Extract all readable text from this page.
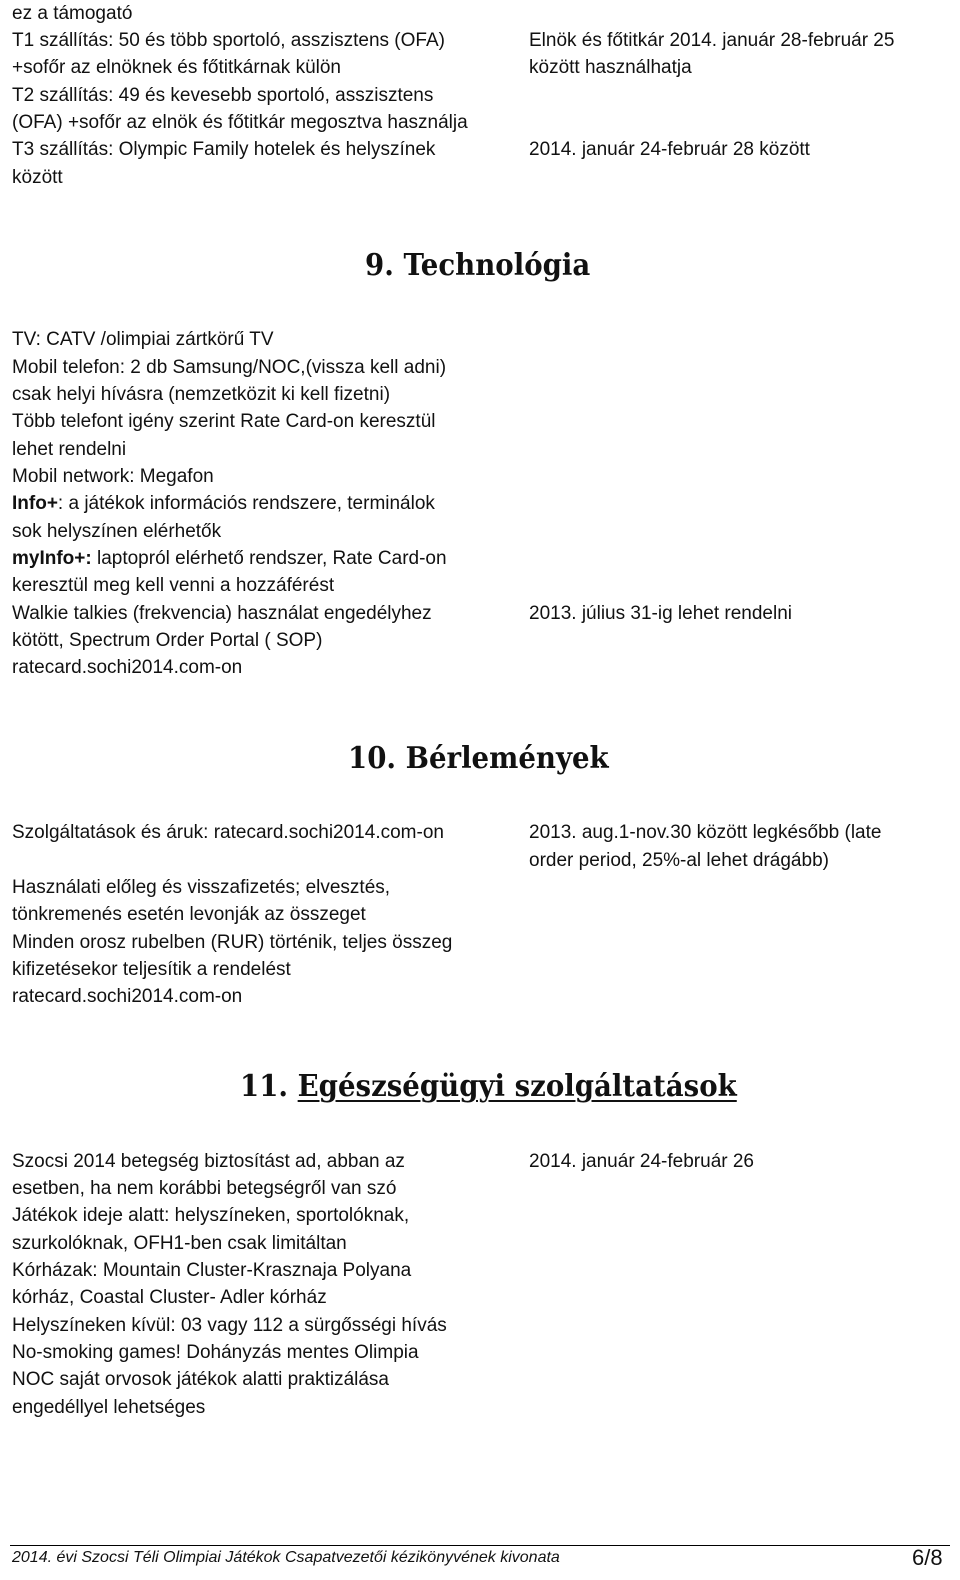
ez a támogató
T1 szállítás: 50 és több sportoló, asszisztens (OFA)
+sofőr az elnöknek és főtitkárnak külön
T2 szállítás: 49 és kevesebb sportoló, asszisztens
(OFA) +sofőr az elnök és főtitkár megosztva használja
T3 szállítás: Olympic Family hotelek és helyszínek
között
Elnök és főtitkár 2014. január 28-február 25
között használhatja
2014. január 24-február 28 között
9. Technológia
TV: CATV /olimpiai zártkörű TV
Mobil telefon: 2 db Samsung/NOC,(vissza kell adni)
csak helyi hívásra (nemzetközit ki kell fizetni)
Több telefont igény szerint Rate Card-on keresztül
lehet rendelni
Mobil network: Megafon
Info+: a játékok információs rendszere, terminálok
sok helyszínen elérhetők
myInfo+: laptopról elérhető rendszer, Rate Card-on
keresztül meg kell venni a hozzáférést
Walkie talkies (frekvencia) használat engedélyhez
kötött, Spectrum Order Portal ( SOP)
ratecard.sochi2014.com-on
2013. július 31-ig lehet rendelni
10. Bérlemények
Szolgáltatások és áruk: ratecard.sochi2014.com-on
Használati előleg és visszafizetés; elvesztés,
tönkremenés esetén levonják az összeget
Minden orosz rubelben (RUR) történik, teljes összeg
kifizetésekor teljesítik a rendelést
ratecard.sochi2014.com-on
2013. aug.1-nov.30 között legkésőbb (late
order period, 25%-al lehet drágább)
11. Egészségügyi szolgáltatások
Szocsi 2014 betegség biztosítást ad, abban az
esetben, ha nem korábbi betegségről van szó
Játékok ideje alatt: helyszíneken, sportolóknak,
szurkolóknak, OFH1-ben csak limitáltan
Kórházak: Mountain Cluster-Krasznaja Polyana
kórház, Coastal Cluster- Adler kórház
Helyszíneken kívül: 03 vagy 112 a sürgősségi hívás
No-smoking games! Dohányzás mentes Olimpia
NOC saját orvosok játékok alatti praktizálása
engedéllyel lehetséges
2014. január 24-február 26
2014. évi Szocsi Téli Olimpiai Játékok Csapatvezetői kézikönyvének kivonata	6/8
